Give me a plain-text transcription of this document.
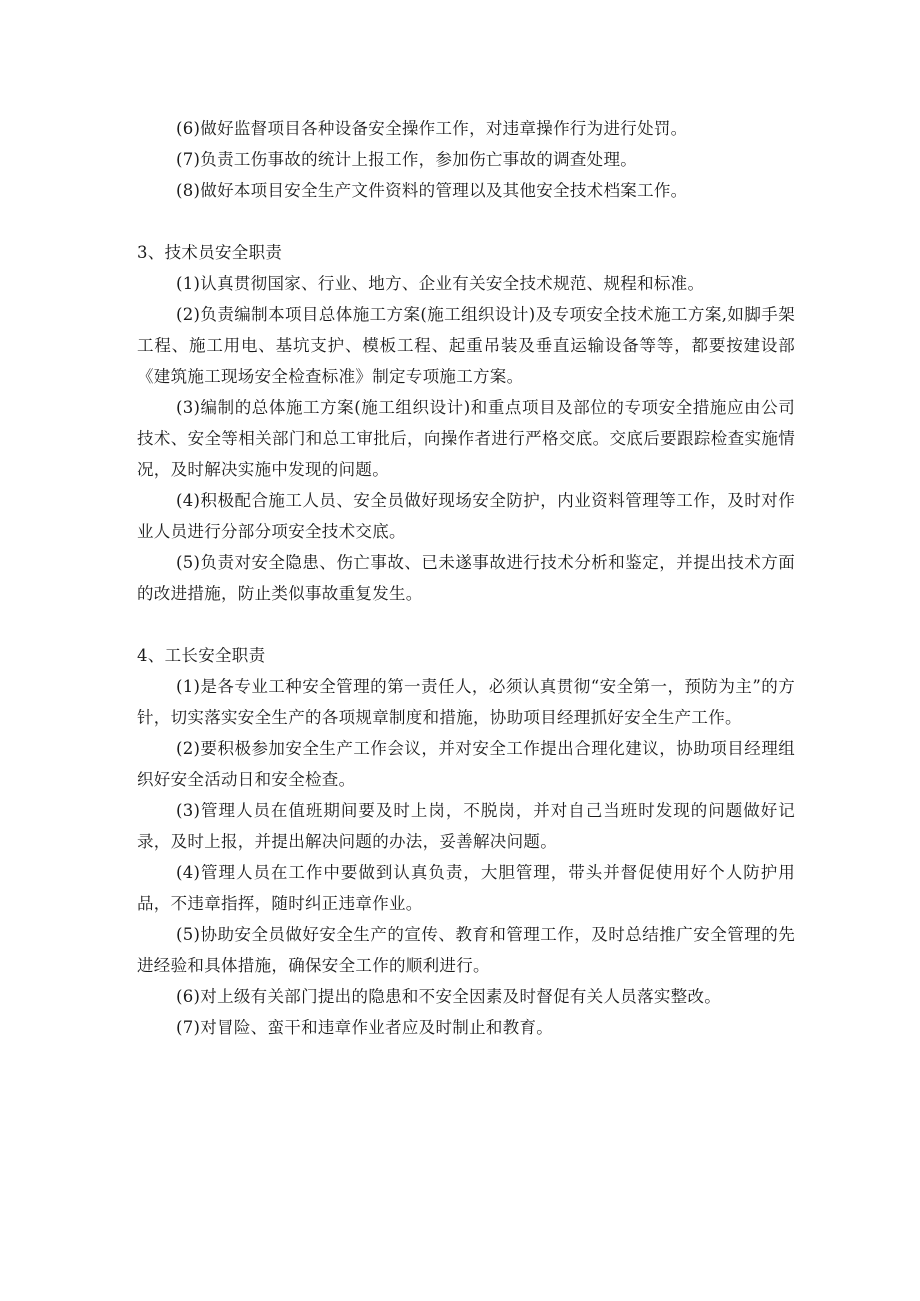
(6)做好监督项目各种设备安全操作工作，对违章操作行为进行处罚。

(7)负责工伤事故的统计上报工作，参加伤亡事故的调查处理。

(8)做好本项目安全生产文件资料的管理以及其他安全技术档案工作。

3、技术员安全职责

(1)认真贯彻国家、行业、地方、企业有关安全技术规范、规程和标准。

(2)负责编制本项目总体施工方案(施工组织设计)及专项安全技术施工方案,如脚手架工程、施工用电、基坑支护、模板工程、起重吊装及垂直运输设备等等，都要按建设部《建筑施工现场安全检查标准》制定专项施工方案。

(3)编制的总体施工方案(施工组织设计)和重点项目及部位的专项安全措施应由公司技术、安全等相关部门和总工审批后，向操作者进行严格交底。交底后要跟踪检查实施情况，及时解决实施中发现的问题。

(4)积极配合施工人员、安全员做好现场安全防护，内业资料管理等工作，及时对作业人员进行分部分项安全技术交底。

(5)负责对安全隐患、伤亡事故、已未遂事故进行技术分析和鉴定，并提出技术方面的改进措施，防止类似事故重复发生。

4、工长安全职责

(1)是各专业工种安全管理的第一责任人，必须认真贯彻“安全第一，预防为主”的方针，切实落实安全生产的各项规章制度和措施，协助项目经理抓好安全生产工作。

(2)要积极参加安全生产工作会议，并对安全工作提出合理化建议，协助项目经理组织好安全活动日和安全检查。

(3)管理人员在值班期间要及时上岗，不脱岗，并对自己当班时发现的问题做好记录，及时上报，并提出解决问题的办法，妥善解决问题。

(4)管理人员在工作中要做到认真负责，大胆管理，带头并督促使用好个人防护用品，不违章指挥，随时纠正违章作业。

(5)协助安全员做好安全生产的宣传、教育和管理工作，及时总结推广安全管理的先进经验和具体措施，确保安全工作的顺利进行。

(6)对上级有关部门提出的隐患和不安全因素及时督促有关人员落实整改。

(7)对冒险、蛮干和违章作业者应及时制止和教育。
